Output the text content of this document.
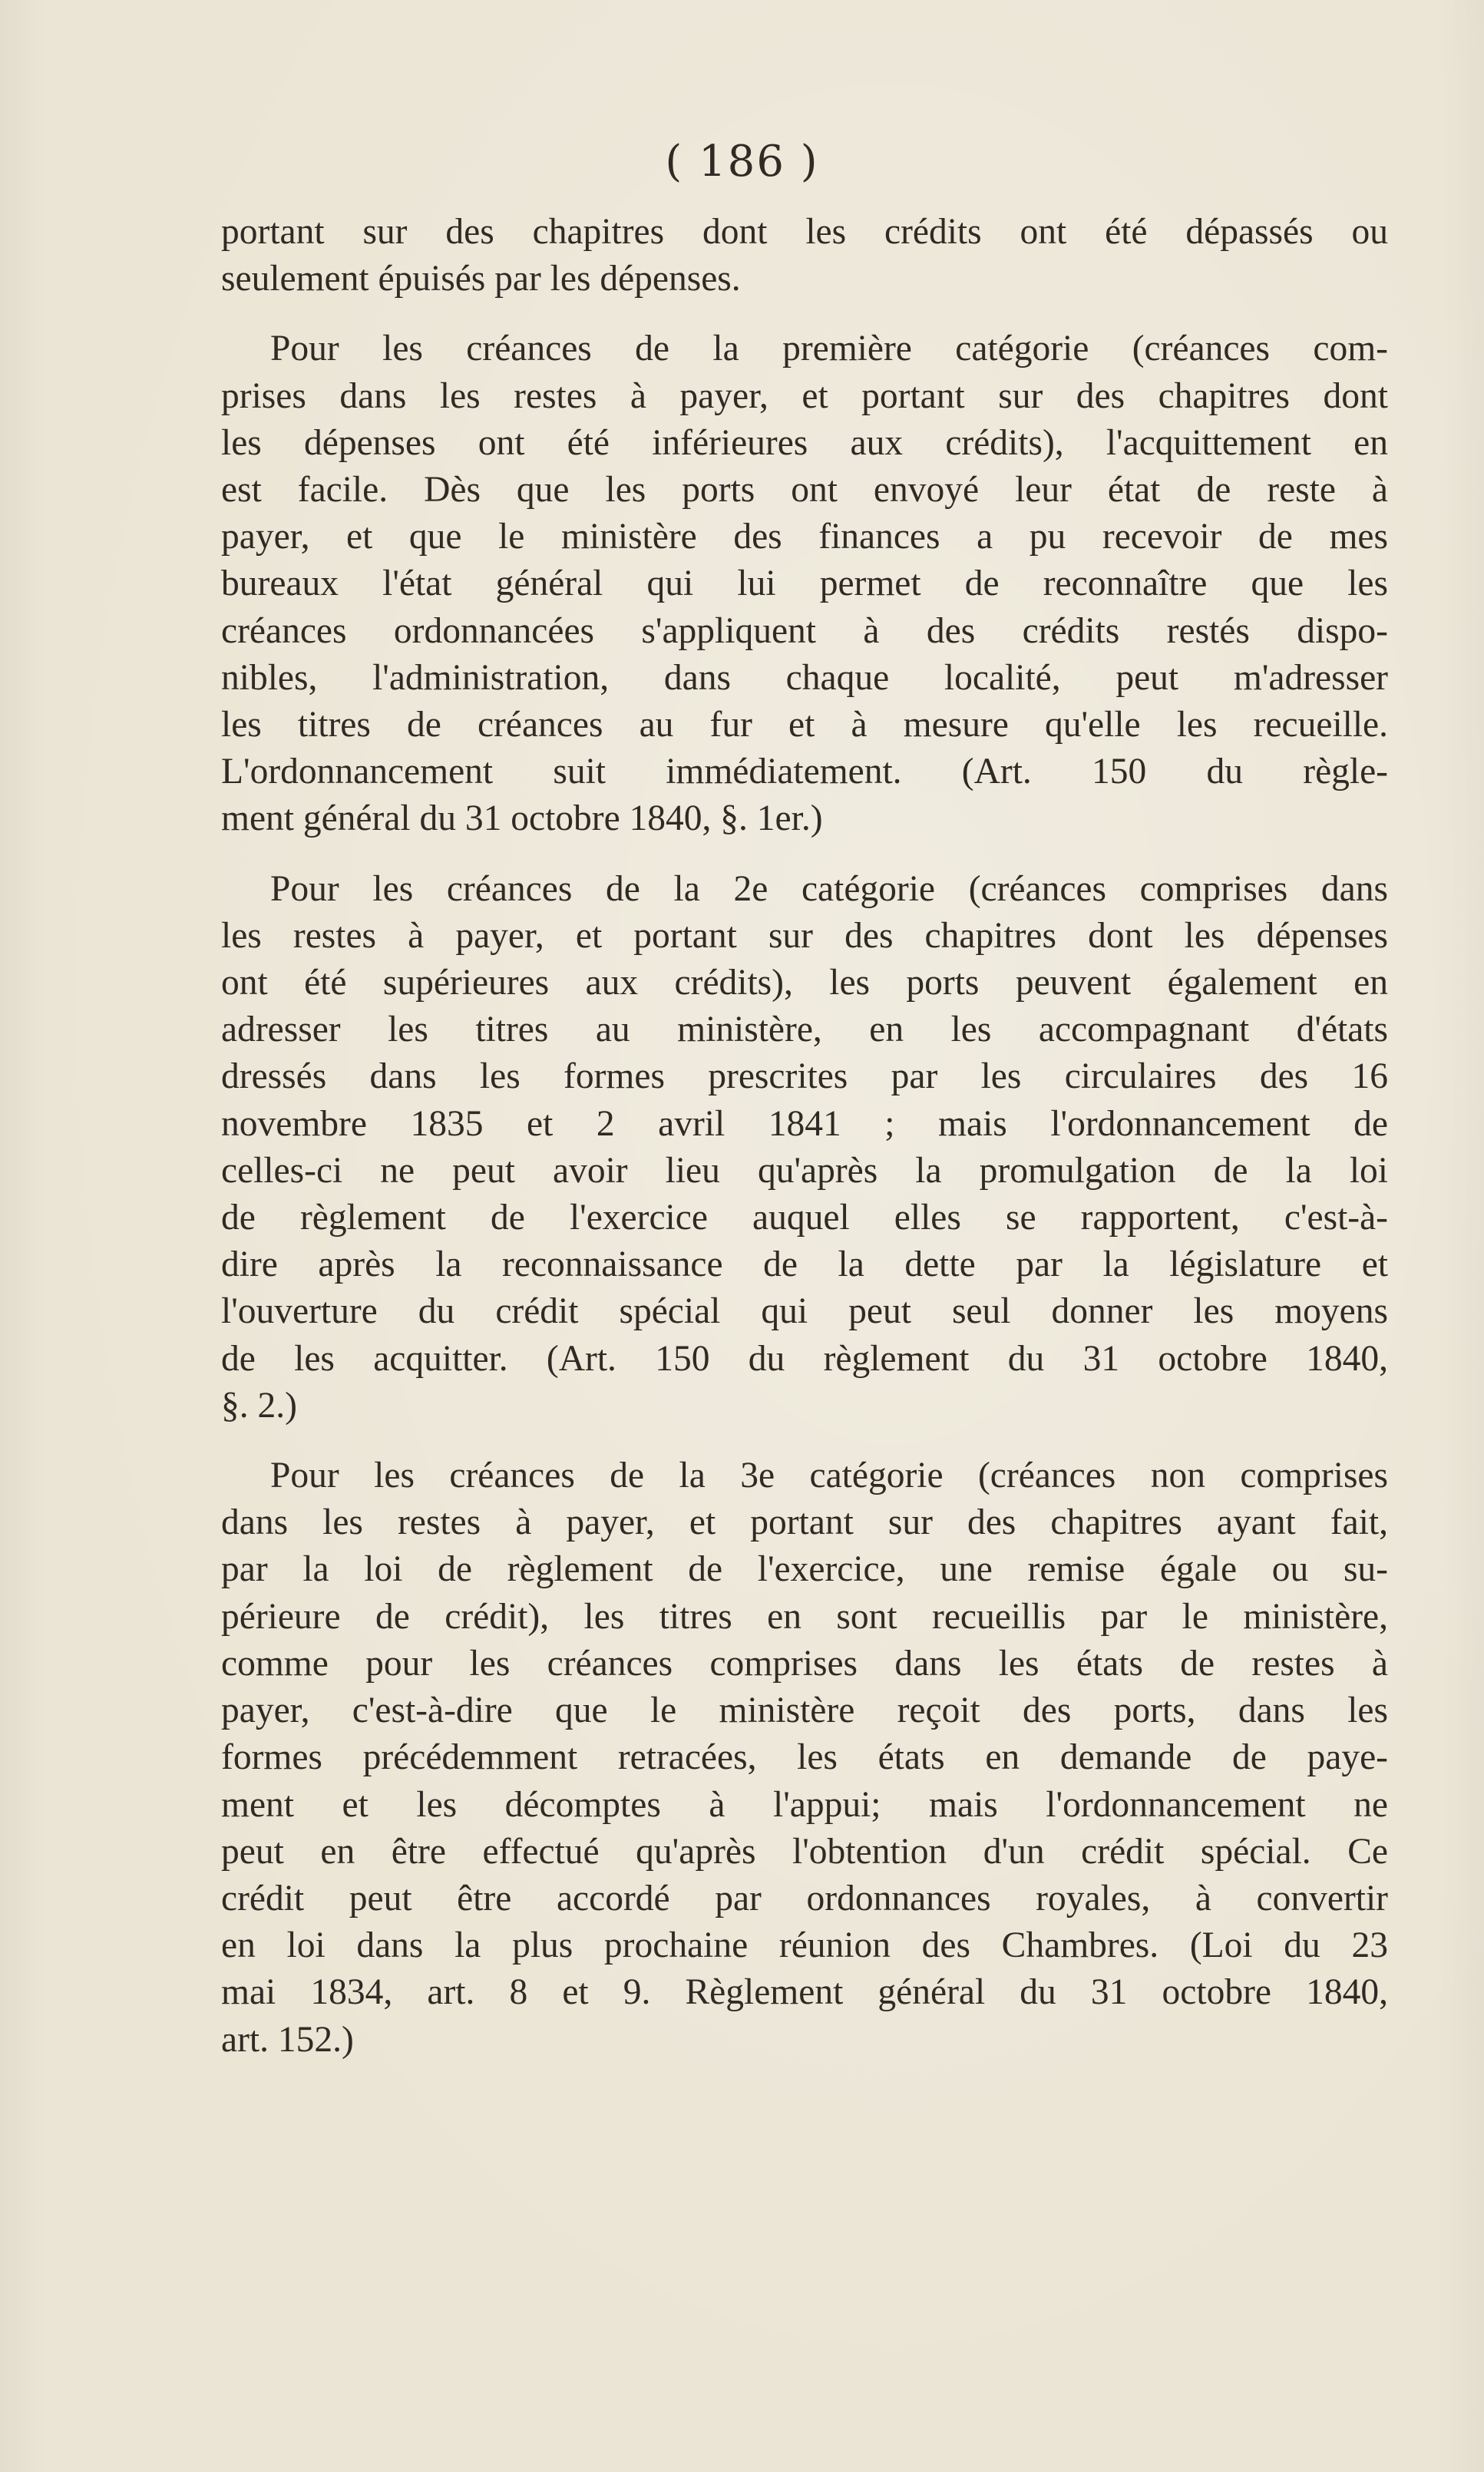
( 186 )

portant sur des chapitres dont les crédits ont été dépassés ou
seulement épuisés par les dépenses.

Pour les créances de la première catégorie (créances com-
prises dans les restes à payer, et portant sur des chapitres dont
les dépenses ont été inférieures aux crédits), l'acquittement en
est facile. Dès que les ports ont envoyé leur état de reste à
payer, et que le ministère des finances a pu recevoir de mes
bureaux l'état général qui lui permet de reconnaître que les
créances ordonnancées s'appliquent à des crédits restés dispo-
nibles, l'administration, dans chaque localité, peut m'adresser
les titres de créances au fur et à mesure qu'elle les recueille.
L'ordonnancement suit immédiatement. (Art. 150 du règle-
ment général du 31 octobre 1840, §. 1er.)

Pour les créances de la 2e catégorie (créances comprises dans
les restes à payer, et portant sur des chapitres dont les dépenses
ont été supérieures aux crédits), les ports peuvent également en
adresser les titres au ministère, en les accompagnant d'états
dressés dans les formes prescrites par les circulaires des 16
novembre 1835 et 2 avril 1841 ; mais l'ordonnancement de
celles-ci ne peut avoir lieu qu'après la promulgation de la loi
de règlement de l'exercice auquel elles se rapportent, c'est-à-
dire après la reconnaissance de la dette par la législature et
l'ouverture du crédit spécial qui peut seul donner les moyens
de les acquitter. (Art. 150 du règlement du 31 octobre 1840,
§. 2.)

Pour les créances de la 3e catégorie (créances non comprises
dans les restes à payer, et portant sur des chapitres ayant fait,
par la loi de règlement de l'exercice, une remise égale ou su-
périeure de crédit), les titres en sont recueillis par le ministère,
comme pour les créances comprises dans les états de restes à
payer, c'est-à-dire que le ministère reçoit des ports, dans les
formes précédemment retracées, les états en demande de paye-
ment et les décomptes à l'appui; mais l'ordonnancement ne
peut en être effectué qu'après l'obtention d'un crédit spécial. Ce
crédit peut être accordé par ordonnances royales, à convertir
en loi dans la plus prochaine réunion des Chambres. (Loi du 23
mai 1834, art. 8 et 9. Règlement général du 31 octobre 1840,
art. 152.)
